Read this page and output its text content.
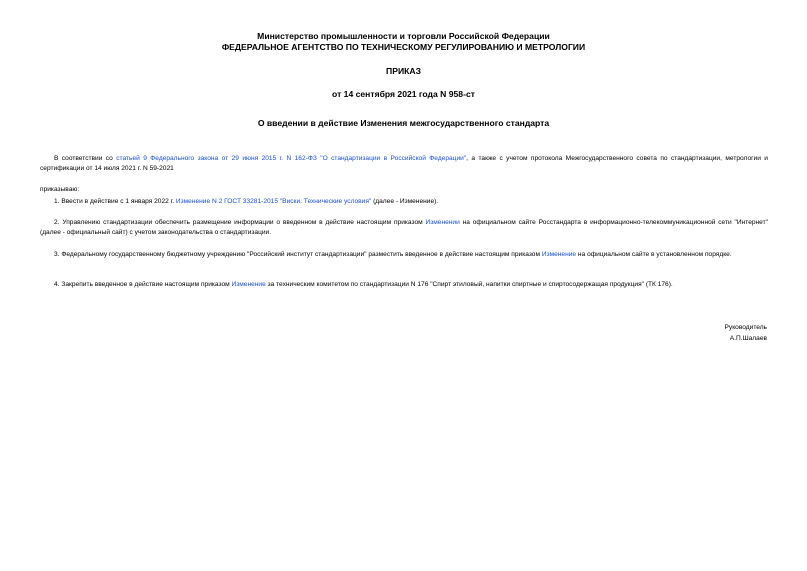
Министерство промышленности и торговли Российской Федерации
ФЕДЕРАЛЬНОЕ АГЕНТСТВО ПО ТЕХНИЧЕСКОМУ РЕГУЛИРОВАНИЮ И МЕТРОЛОГИИ
ПРИКАЗ
от 14 сентября 2021 года N 958-ст
О введении в действие Изменения межгосударственного стандарта
В соответствии со статьей 9 Федерального закона от 29 июня 2015 г. N 162-ФЗ "О стандартизации в Российской Федерации", а также с учетом протокола Межгосударственного совета по стандартизации, метрологии и сертификации от 14 июля 2021 г. N 59-2021
приказываю:
1. Ввести в действие с 1 января 2022 г. Изменение N 2 ГОСТ 33281-2015 "Виски. Технические условия" (далее - Изменение).
2. Управлению стандартизации обеспечить размещение информации о введенном в действие настоящим приказом Изменении на официальном сайте Росстандарта в информационно-телекоммуникационной сети "Интернет" (далее - официальный сайт) с учетом законодательства о стандартизации.
3. Федеральному государственному бюджетному учреждению "Российский институт стандартизации" разместить введенное в действие настоящим приказом Изменение на официальном сайте в установленном порядке.
4. Закрепить введенное в действие настоящим приказом Изменение за техническим комитетом по стандартизации N 176 "Спирт этиловый, напитки спиртные и спиртосодержащая продукция" (ТК 176).
Руководитель
А.П.Шалаев
